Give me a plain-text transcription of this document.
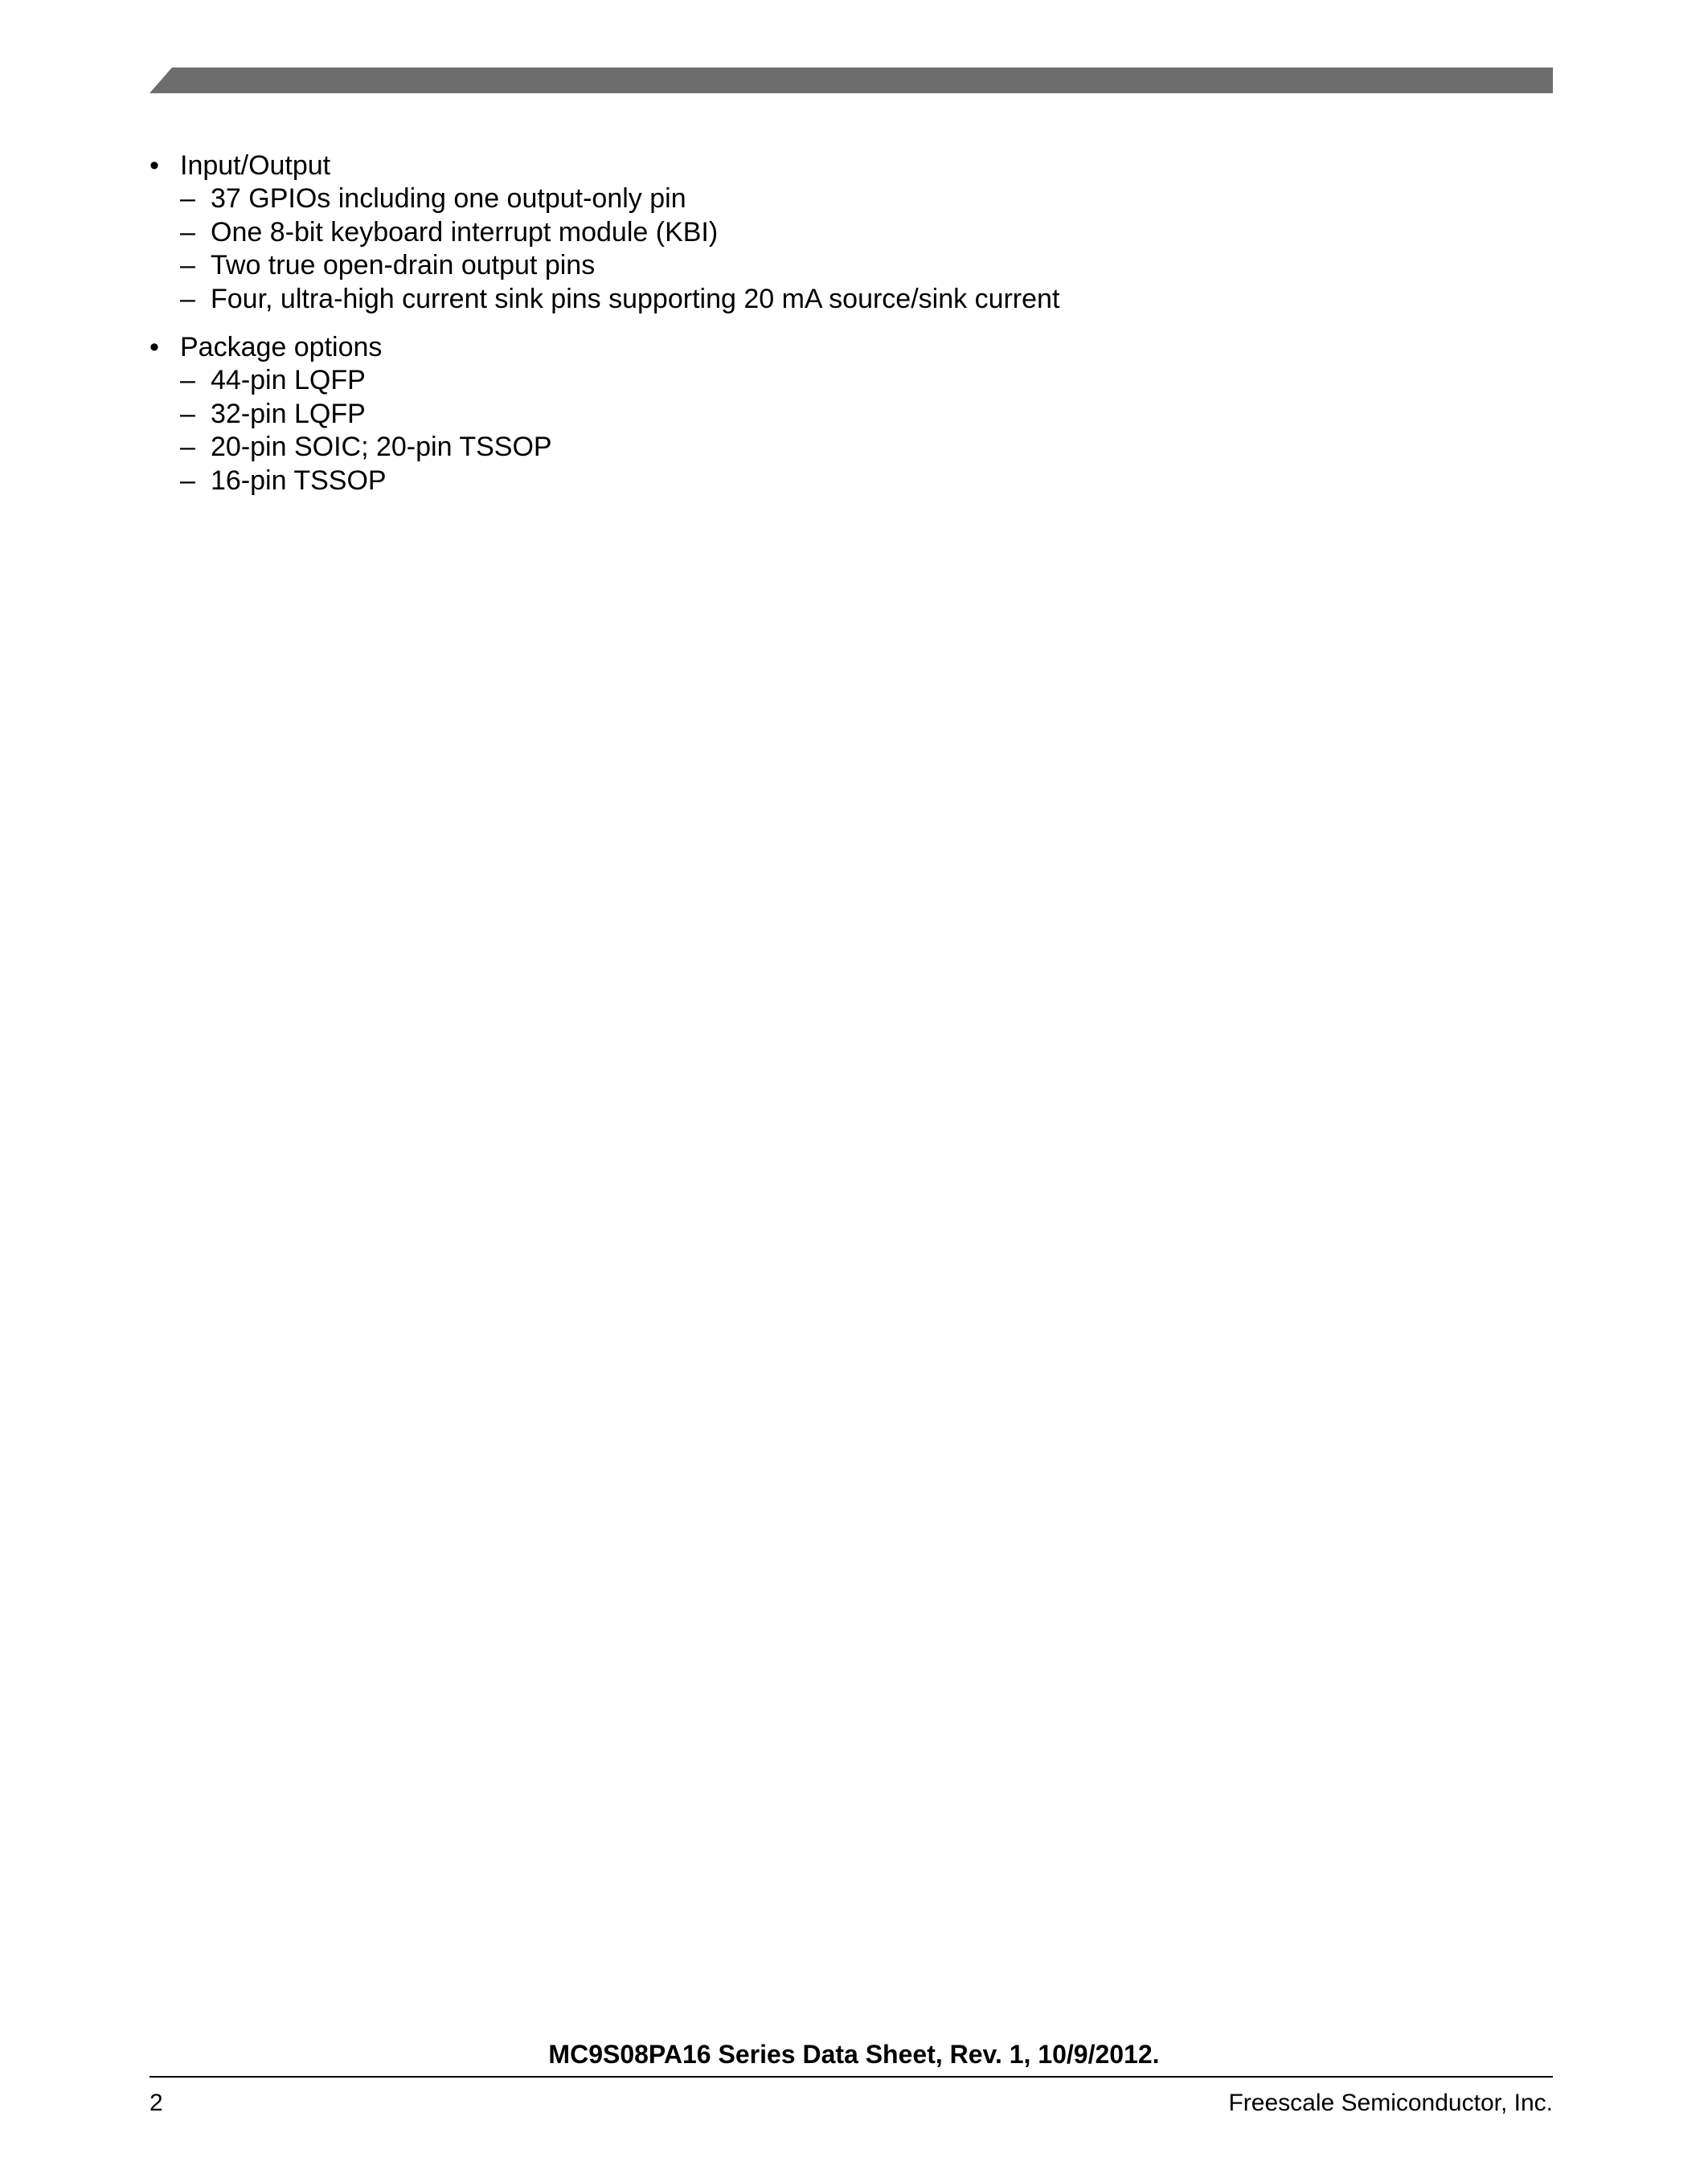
• Input/Output
– 37 GPIOs including one output-only pin
– One 8-bit keyboard interrupt module (KBI)
– Two true open-drain output pins
– Four, ultra-high current sink pins supporting 20 mA source/sink current
• Package options
– 44-pin LQFP
– 32-pin LQFP
– 20-pin SOIC; 20-pin TSSOP
– 16-pin TSSOP
MC9S08PA16 Series Data Sheet, Rev. 1, 10/9/2012.
2	Freescale Semiconductor, Inc.
